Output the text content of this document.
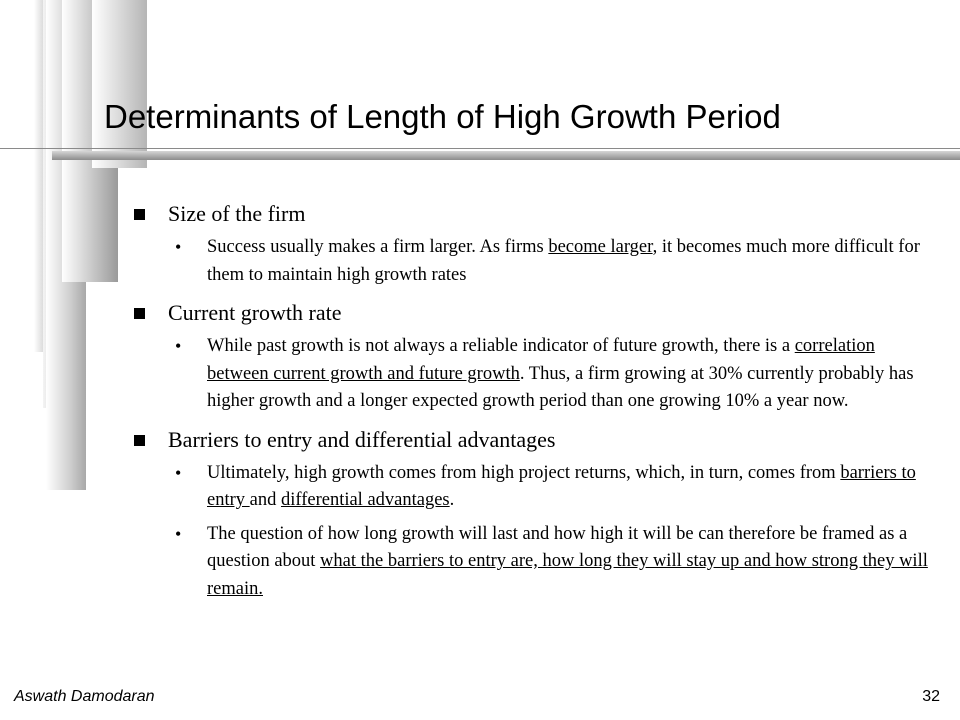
Determinants of Length of High Growth Period
Size of the firm
• Success usually makes a firm larger. As firms become larger, it becomes much more difficult for them to maintain high growth rates
Current growth rate
• While past growth is not always a reliable indicator of future growth, there is a correlation between current growth and future growth. Thus, a firm growing at 30% currently probably has higher growth and a longer expected growth period than one growing 10% a year now.
Barriers to entry and differential advantages
• Ultimately, high growth comes from high project returns, which, in turn, comes from barriers to entry and differential advantages.
• The question of how long growth will last and how high it will be can therefore be framed as a question about what the barriers to entry are, how long they will stay up and how strong they will remain.
Aswath Damodaran	32
